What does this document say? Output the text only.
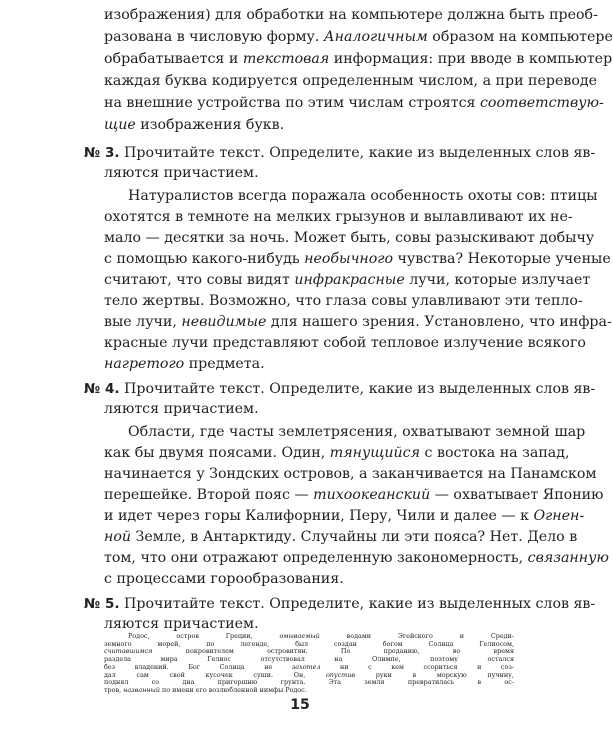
изображения) для обработки на компьютере должна быть преоб-
разована в числовую форму. Аналогичным образом на компьютере
обрабатывается и текстовая информация: при вводе в компьютер
каждая буква кодируется определенным числом, а при переводе
на внешние устройства по этим числам строятся соответствую-
щие изображения букв.
№ 3. Прочитайте текст. Определите, какие из выделенных слов яв-
ляются причастием.
Натуралистов всегда поражала особенность охоты сов: птицы
охотятся в темноте на мелких грызунов и вылавливают их не-
мало — десятки за ночь. Может быть, совы разыскивают добычу
с помощью какого-нибудь необычного чувства? Некоторые ученые
считают, что совы видят инфракрасные лучи, которые излучает
тело жертвы. Возможно, что глаза совы улавливают эти тепло-
вые лучи, невидимые для нашего зрения. Установлено, что инфра-
красные лучи представляют собой тепловое излучение всякого
нагретого предмета.
№ 4. Прочитайте текст. Определите, какие из выделенных слов яв-
ляются причастием.
Области, где часты землетрясения, охватывают земной шар
как бы двумя поясами. Один, тянущийся с востока на запад,
начинается у Зондских островов, а заканчивается на Панамском
перешейке. Второй пояс — тихоокеанский — охватывает Японию
и идет через горы Калифорнии, Перу, Чили и далее — к Огнен-
ной Земле, в Антарктиду. Случайны ли эти пояса? Нет. Дело в
том, что они отражают определенную закономерность, связанную
с процессами горообразования.
№ 5. Прочитайте текст. Определите, какие из выделенных слов яв-
ляются причастием.
Родос, остров Греции,	омываемый	водами Эгейского и Среди-
земного морей, по легенде, был создан богом Солнца Гелиосом,
считавшимся	покровителем островитян. По преданию, во время
раздела мира Гелиос отсутствовал на Олимпе, поэтому остался
без владений. Бог Солнца не	захотел	ни с кем ссориться и соз-
дал сам свой кусочек суши. Он,	опустив	руки в морскую пучину,
поднял со дна пригоршню грунта. Эта земля превратилась в ос-
тров, названный по имени его возлюбленной нимфы Родос.
15
